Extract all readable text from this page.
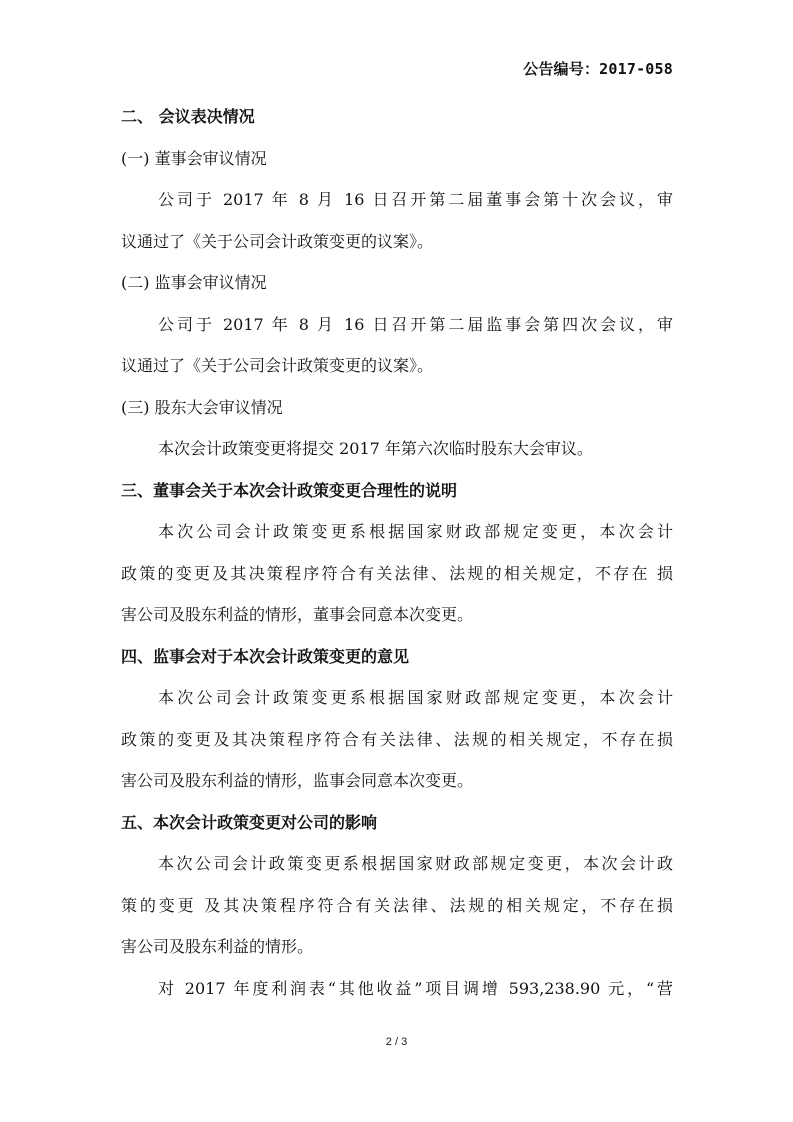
公告编号：2017-058
二、 会议表决情况
(一) 董事会审议情况
公司于 2017 年 8 月 16 日召开第二届董事会第十次会议，审
议通过了《关于公司会计政策变更的议案》。
(二) 监事会审议情况
公司于 2017 年 8 月 16 日召开第二届监事会第四次会议，审
议通过了《关于公司会计政策变更的议案》。
(三) 股东大会审议情况
本次会计政策变更将提交 2017 年第六次临时股东大会审议。
三、董事会关于本次会计政策变更合理性的说明
本次公司会计政策变更系根据国家财政部规定变更，本次会计
政策的变更及其决策程序符合有关法律、法规的相关规定，不存在 损
害公司及股东利益的情形，董事会同意本次变更。
四、监事会对于本次会计政策变更的意见
本次公司会计政策变更系根据国家财政部规定变更，本次会计
政策的变更及其决策程序符合有关法律、法规的相关规定，不存在损
害公司及股东利益的情形，监事会同意本次变更。
五、本次会计政策变更对公司的影响
本次公司会计政策变更系根据国家财政部规定变更，本次会计政
策的变更 及其决策程序符合有关法律、法规的相关规定，不存在损
害公司及股东利益的情形。
对 2017 年度利润表“其他收益”项目调增 593,238.90 元，“营
2 / 3
